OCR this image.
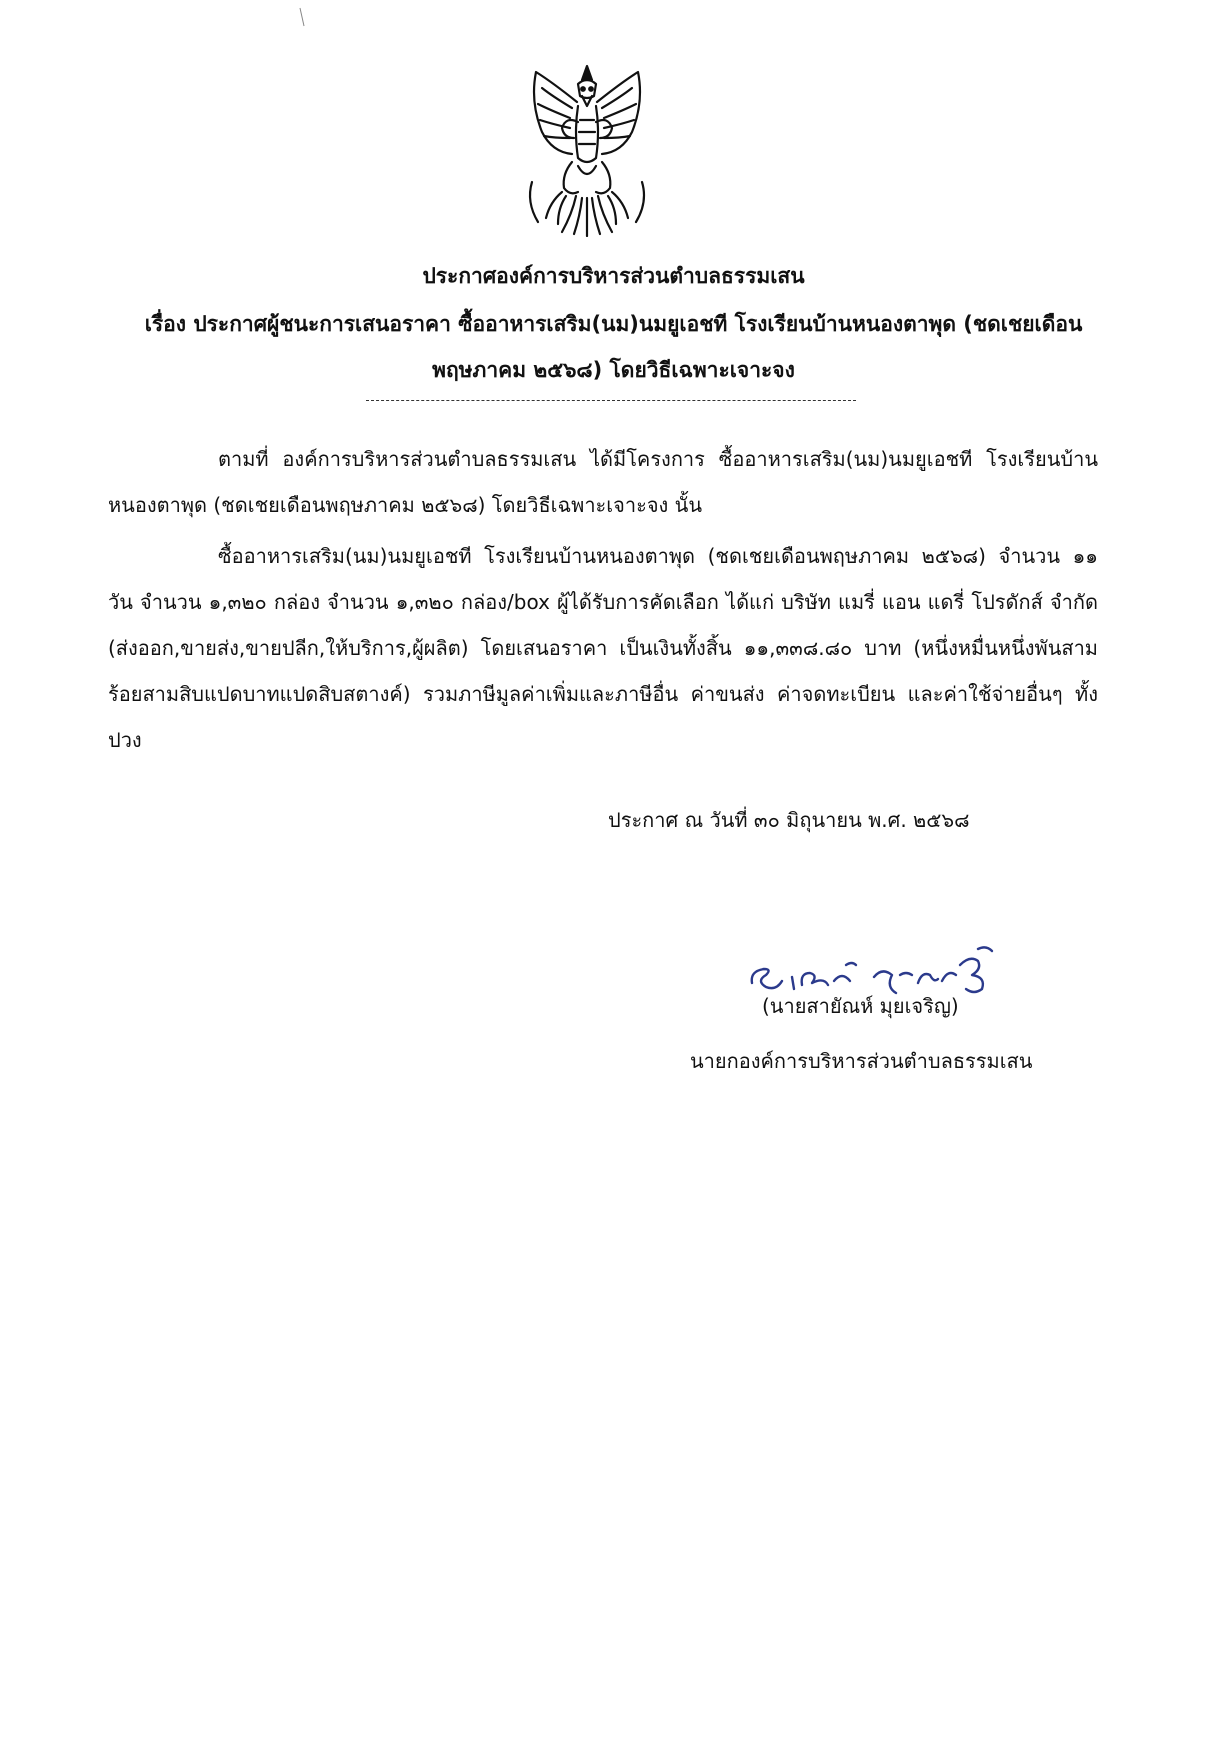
ประกาศองค์การบริหารส่วนตำบลธรรมเสน
เรื่อง ประกาศผู้ชนะการเสนอราคา ซื้ออาหารเสริม(นม)นมยูเอชที โรงเรียนบ้านหนองตาพุด (ชดเชยเดือน
พฤษภาคม ๒๕๖๘) โดยวิธีเฉพาะเจาะจง
ตามที่ องค์การบริหารส่วนตำบลธรรมเสน ได้มีโครงการ ซื้ออาหารเสริม(นม)นมยูเอชที โรงเรียนบ้านหนองตาพุด (ชดเชยเดือนพฤษภาคม ๒๕๖๘) โดยวิธีเฉพาะเจาะจง นั้น
ซื้ออาหารเสริม(นม)นมยูเอชที โรงเรียนบ้านหนองตาพุด (ชดเชยเดือนพฤษภาคม ๒๕๖๘) จำนวน ๑๑ วัน จำนวน ๑,๓๒๐ กล่อง จำนวน ๑,๓๒๐ กล่อง/box ผู้ได้รับการคัดเลือก ได้แก่ บริษัท แมรี่ แอน แดรี่ โปรดักส์ จำกัด (ส่งออก,ขายส่ง,ขายปลีก,ให้บริการ,ผู้ผลิต) โดยเสนอราคา เป็นเงินทั้งสิ้น ๑๑,๓๓๘.๘๐ บาท (หนึ่งหมื่นหนึ่งพันสามร้อยสามสิบแปดบาทแปดสิบสตางค์) รวมภาษีมูลค่าเพิ่มและภาษีอื่น ค่าขนส่ง ค่าจดทะเบียน และค่าใช้จ่ายอื่นๆ ทั้งปวง
ประกาศ ณ วันที่ ๓๐ มิถุนายน พ.ศ. ๒๕๖๘
(นายสายัณห์ มุยเจริญ)
นายกองค์การบริหารส่วนตำบลธรรมเสน
